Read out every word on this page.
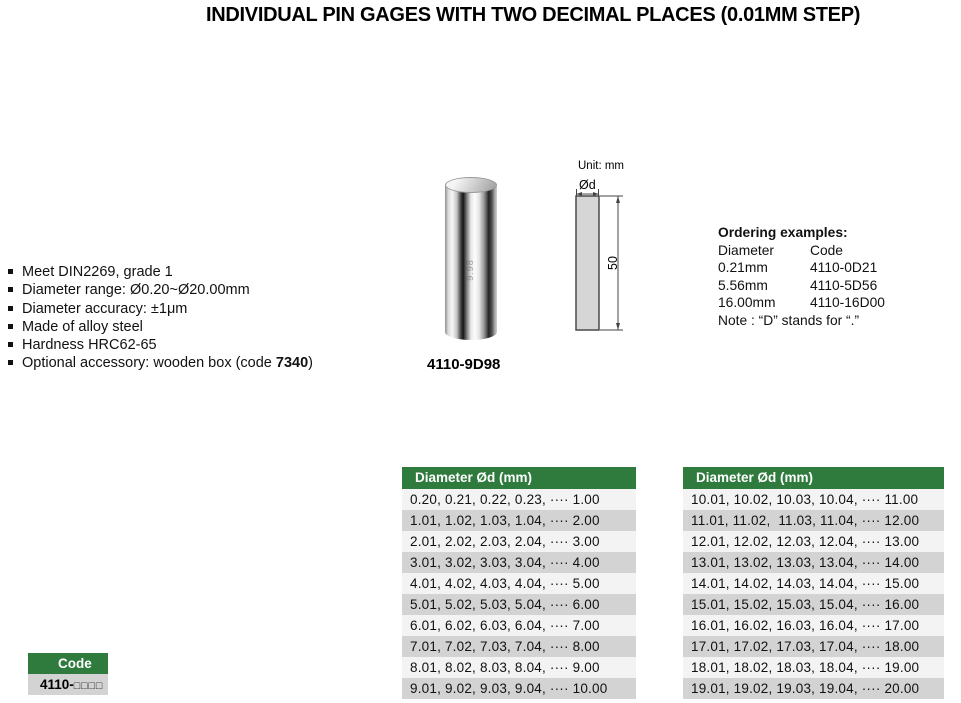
INDIVIDUAL PIN GAGES WITH TWO DECIMAL PLACES (0.01MM STEP)
Meet DIN2269, grade 1
Diameter range: Ø0.20~Ø20.00mm
Diameter accuracy: ±1μm
Made of alloy steel
Hardness HRC62-65
Optional accessory: wooden box (code 7340)
9.98
4110-9D98
Unit: mm
Ød
50
Ordering examples:
Diameter	Code
0.21mm	4110-0D21
5.56mm	4110-5D56
16.00mm	4110-16D00
Note : “D” stands for “.”
Diameter Ød (mm)
0.20, 0.21, 0.22, 0.23, ···· 1.00
1.01, 1.02, 1.03, 1.04, ···· 2.00
2.01, 2.02, 2.03, 2.04, ···· 3.00
3.01, 3.02, 3.03, 3.04, ···· 4.00
4.01, 4.02, 4.03, 4.04, ···· 5.00
5.01, 5.02, 5.03, 5.04, ···· 6.00
6.01, 6.02, 6.03, 6.04, ···· 7.00
7.01, 7.02, 7.03, 7.04, ···· 8.00
8.01, 8.02, 8.03, 8.04, ···· 9.00
9.01, 9.02, 9.03, 9.04, ···· 10.00
Diameter Ød (mm)
10.01, 10.02, 10.03, 10.04, ···· 11.00
11.01, 11.02,  11.03, 11.04, ···· 12.00
12.01, 12.02, 12.03, 12.04, ···· 13.00
13.01, 13.02, 13.03, 13.04, ···· 14.00
14.01, 14.02, 14.03, 14.04, ···· 15.00
15.01, 15.02, 15.03, 15.04, ···· 16.00
16.01, 16.02, 16.03, 16.04, ···· 17.00
17.01, 17.02, 17.03, 17.04, ···· 18.00
18.01, 18.02, 18.03, 18.04, ···· 19.00
19.01, 19.02, 19.03, 19.04, ···· 20.00
Code
4110-□□□□
